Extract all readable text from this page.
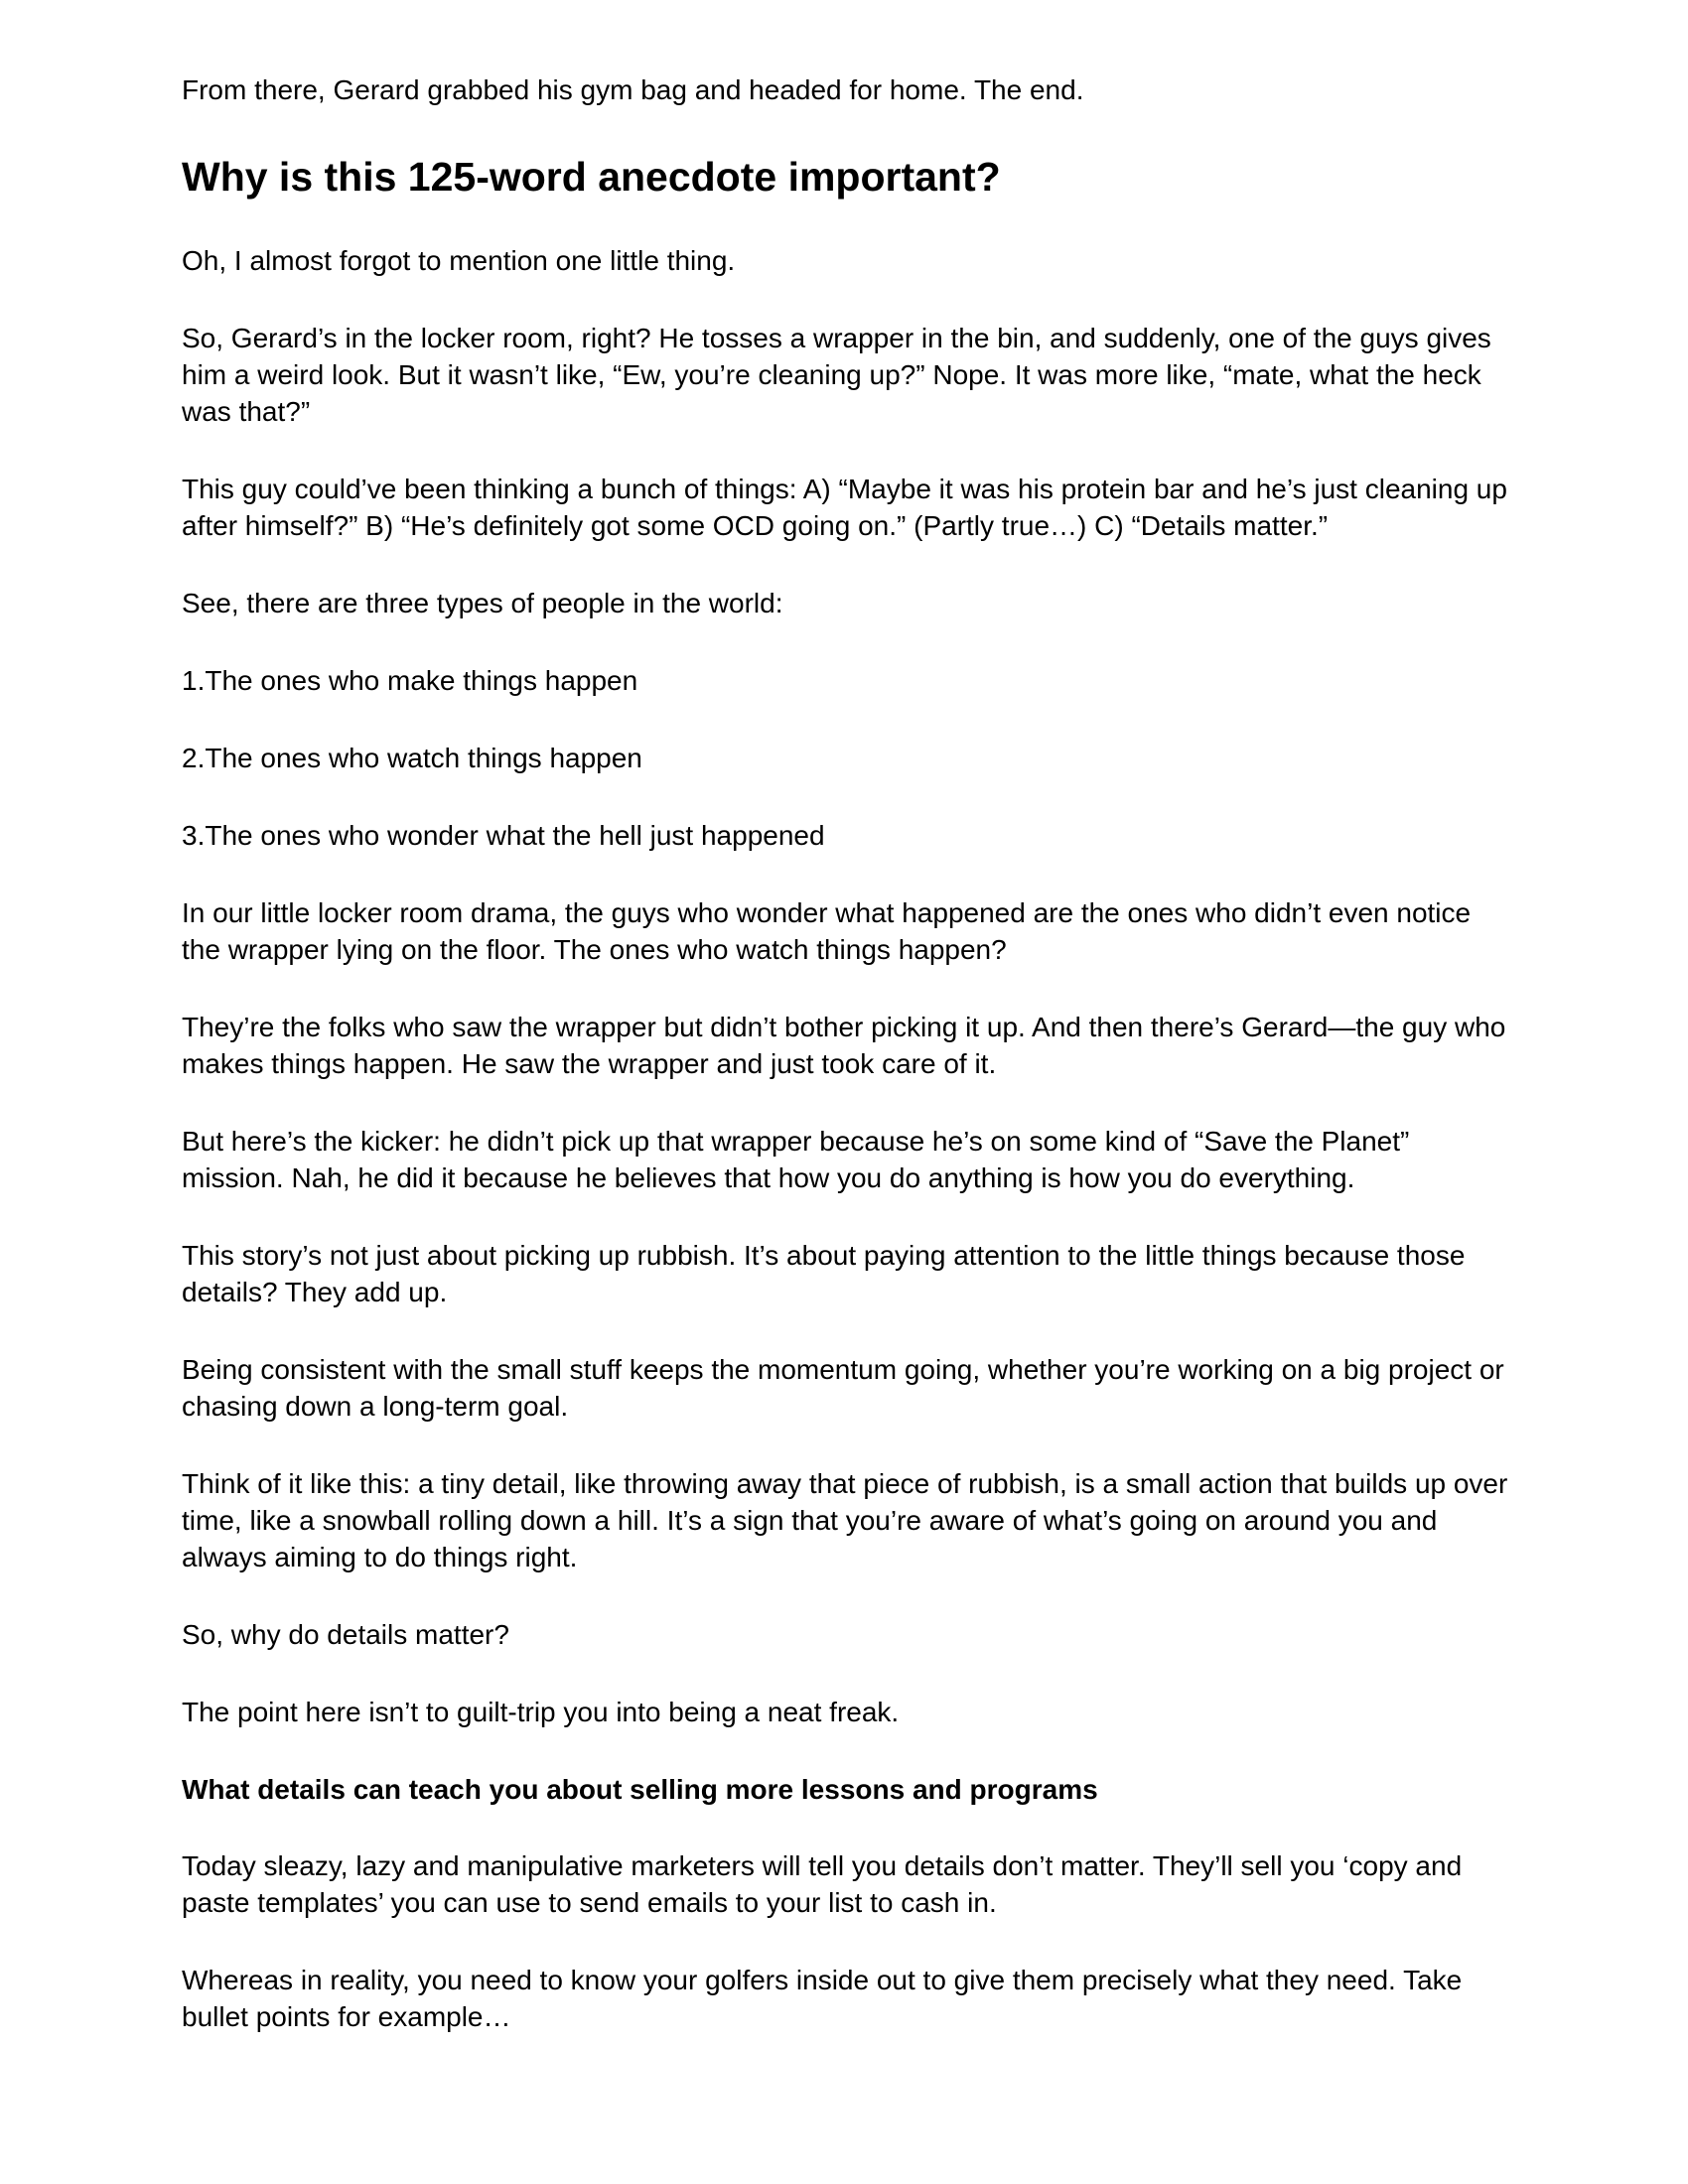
From there, Gerard grabbed his gym bag and headed for home. The end.

Why is this 125-word anecdote important?

Oh, I almost forgot to mention one little thing.

So, Gerard’s in the locker room, right? He tosses a wrapper in the bin, and suddenly, one of the guys gives him a weird look. But it wasn’t like, “Ew, you’re cleaning up?” Nope. It was more like, “mate, what the heck was that?”

This guy could’ve been thinking a bunch of things: A) “Maybe it was his protein bar and he’s just cleaning up after himself?” B) “He’s definitely got some OCD going on.” (Partly true…) C) “Details matter.”

See, there are three types of people in the world:

1.The ones who make things happen

2.The ones who watch things happen

3.The ones who wonder what the hell just happened

In our little locker room drama, the guys who wonder what happened are the ones who didn’t even notice the wrapper lying on the floor. The ones who watch things happen?

They’re the folks who saw the wrapper but didn’t bother picking it up. And then there’s Gerard—the guy who makes things happen. He saw the wrapper and just took care of it.

But here’s the kicker: he didn’t pick up that wrapper because he’s on some kind of “Save the Planet” mission. Nah, he did it because he believes that how you do anything is how you do everything.

This story’s not just about picking up rubbish. It’s about paying attention to the little things because those details? They add up.

Being consistent with the small stuff keeps the momentum going, whether you’re working on a big project or chasing down a long-term goal.

Think of it like this: a tiny detail, like throwing away that piece of rubbish, is a small action that builds up over time, like a snowball rolling down a hill. It’s a sign that you’re aware of what’s going on around you and always aiming to do things right.

So, why do details matter?

The point here isn’t to guilt-trip you into being a neat freak.

What details can teach you about selling more lessons and programs

Today sleazy, lazy and manipulative marketers will tell you details don’t matter. They’ll sell you ‘copy and paste templates’ you can use to send emails to your list to cash in.

Whereas in reality, you need to know your golfers inside out to give them precisely what they need. Take bullet points for example…
